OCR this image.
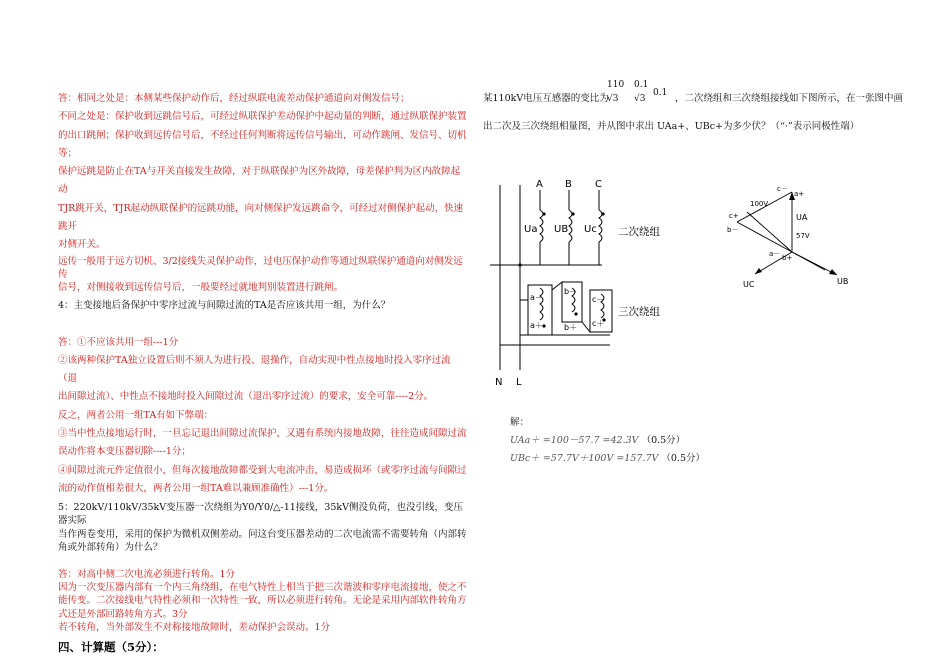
答：相同之处是：本侧某些保护动作后，经过纵联电流差动保护通道向对侧发信号；

不同之处是：保护收到远跳信号后，可经过纵联保护差动保护中起动量的判断，通过纵联保护装置

的出口跳闸；保护收到远传信号后，不经过任何判断将远传信号输出，可动作跳闸、发信号、切机等；

保护远跳是防止在TA与开关直接发生故障，对于纵联保护为区外故障，母差保护判为区内故障起动

TJR跳开关，TJR起动纵联保护的远跳功能，向对侧保护发远跳命令，可经过对侧保护起动，快速跳开

对侧开关。

远传一般用于远方切机、3/2接线失灵保护动作，过电压保护动作等通过纵联保护通道向对侧发远传

信号，对侧接收到远传信号后，一般要经过就地判别装置进行跳闸。

4：主变接地后备保护中零序过流与间隙过流的TA是否应该共用一组，为什么？

答：①不应该共用一组---1分

②该两种保护TA独立设置后则不须人为进行投、退操作，自动实现中性点接地时投入零序过流（退

出间隙过流）、中性点不接地时投入间隙过流（退出零序过流）的要求，安全可靠----2分。

反之，两者公用一组TA有如下弊端：

③当中性点接地运行时，一旦忘记退出间隙过流保护，又遇有系统内接地故障，往往造成间隙过流

误动作将本变压器切除----1分；

④间隙过流元件定值很小，但每次接地故障都受到大电流冲击，易造成损坏（或零序过流与间隙过

流的动作值相差很大，两者公用一组TA难以兼顾准确性）---1分。

5：220kV/110kV/35kV变压器一次绕组为Y0/Y0/△-11接线，35kV侧没负荷，也没引线，变压器实际

当作两卷变用，采用的保护为微机双侧差动。问这台变压器差动的二次电流需不需要转角（内部转

角或外部转角）为什么？

答：对高中侧二次电流必须进行转角。1分

因为一次变压器内部有一个内三角绕组，在电气特性上相当于把三次谐波和零序电流接地，使之不

能传变。二次接线电气特性必须和一次特性一致，所以必须进行转角。无论是采用内部软件转角方

式还是外部回路转角方式。3分

若不转角，当外部发生不对称接地故障时，差动保护会误动。1分

四、计算题（5分）：

某110kV电压互感器的变比为
110
√3
0.1
√3
0.1 ，二次绕组和三次绕组接线如下图所示，在一张图中画

出二次及三次绕组相量图，并从图中求出 UAa+、UBc+为多少伏？（“·”表示同极性端）

A B C
Ua UB Uc 二次绕组
三次绕组
a－
a＋
b－
b＋
c－
c＋
N L
c－
a+
c+
100V
UA
b－
57V
a－ b+
UC	UB
解：
UAa＋ =100－57.7 =42.3V （0.5分）
UBc＋ =57.7V＋100V =157.7V （0.5分）
